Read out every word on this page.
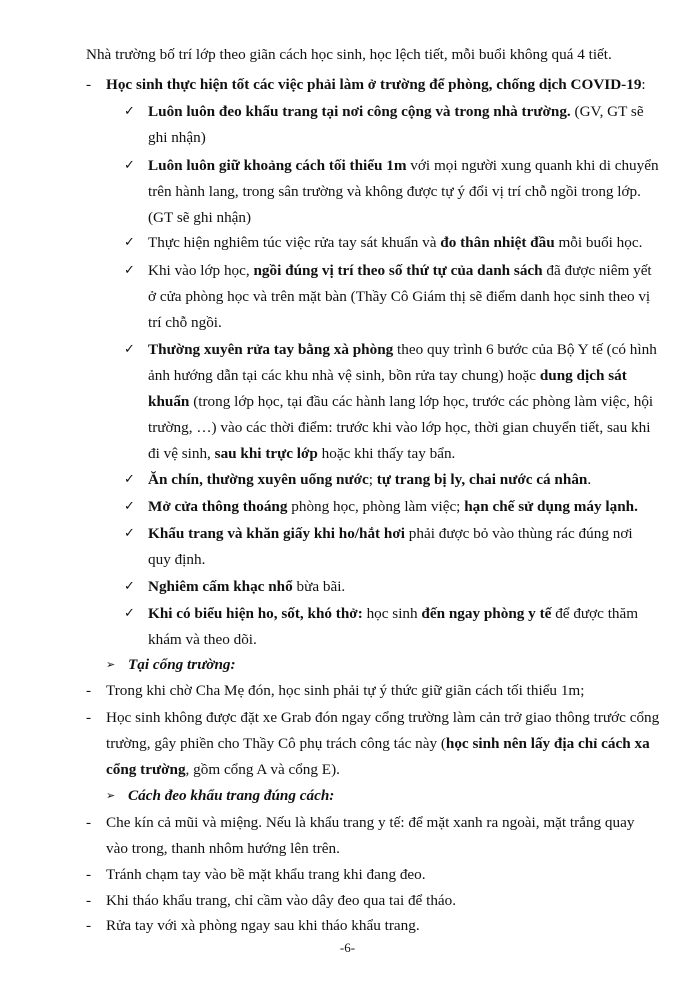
Nhà trường bố trí lớp theo giãn cách học sinh, học lệch tiết, mỗi buổi không quá 4 tiết.
- Học sinh thực hiện tốt các việc phải làm ở trường để phòng, chống dịch COVID-19:
✓ Luôn luôn đeo khẩu trang tại nơi công cộng và trong nhà trường. (GV, GT sẽ
ghi nhận)
✓ Luôn luôn giữ khoảng cách tối thiểu 1m với mọi người xung quanh khi di chuyển
trên hành lang, trong sân trường và không được tự ý đổi vị trí chỗ ngồi trong lớp.
(GT sẽ ghi nhận)
✓ Thực hiện nghiêm túc việc rửa tay sát khuẩn và đo thân nhiệt đầu mỗi buổi học.
✓ Khi vào lớp học, ngồi đúng vị trí theo số thứ tự của danh sách đã được niêm yết
ở cửa phòng học và trên mặt bàn (Thầy Cô Giám thị sẽ điểm danh học sinh theo vị
trí chỗ ngồi.
✓ Thường xuyên rửa tay bằng xà phòng theo quy trình 6 bước của Bộ Y tế (có hình
ảnh hướng dẫn tại các khu nhà vệ sinh, bồn rửa tay chung) hoặc dung dịch sát
khuẩn (trong lớp học, tại đầu các hành lang lớp học, trước các phòng làm việc, hội
trường, …) vào các thời điểm: trước khi vào lớp học, thời gian chuyển tiết, sau khi
đi vệ sinh, sau khi trực lớp hoặc khi thấy tay bẩn.
✓ Ăn chín, thường xuyên uống nước; tự trang bị ly, chai nước cá nhân.
✓ Mở cửa thông thoáng phòng học, phòng làm việc; hạn chế sử dụng máy lạnh.
✓ Khẩu trang và khăn giấy khi ho/hắt hơi phải được bỏ vào thùng rác đúng nơi
quy định.
✓ Nghiêm cấm khạc nhổ bừa bãi.
✓ Khi có biểu hiện ho, sốt, khó thở: học sinh đến ngay phòng y tế để được thăm
khám và theo dõi.
➢ Tại cổng trường:
- Trong khi chờ Cha Mẹ đón, học sinh phải tự ý thức giữ giãn cách tối thiểu 1m;
- Học sinh không được đặt xe Grab đón ngay cổng trường làm cản trở giao thông trước cổng
trường, gây phiền cho Thầy Cô phụ trách công tác này (học sinh nên lấy địa chỉ cách xa
cổng trường, gồm cổng A và cổng E).
➢ Cách đeo khẩu trang đúng cách:
- Che kín cả mũi và miệng. Nếu là khẩu trang y tế: để mặt xanh ra ngoài, mặt trắng quay
vào trong, thanh nhôm hướng lên trên.
- Tránh chạm tay vào bề mặt khẩu trang khi đang đeo.
- Khi tháo khẩu trang, chỉ cầm vào dây đeo qua tai để tháo.
- Rửa tay với xà phòng ngay sau khi tháo khẩu trang.
-6-
